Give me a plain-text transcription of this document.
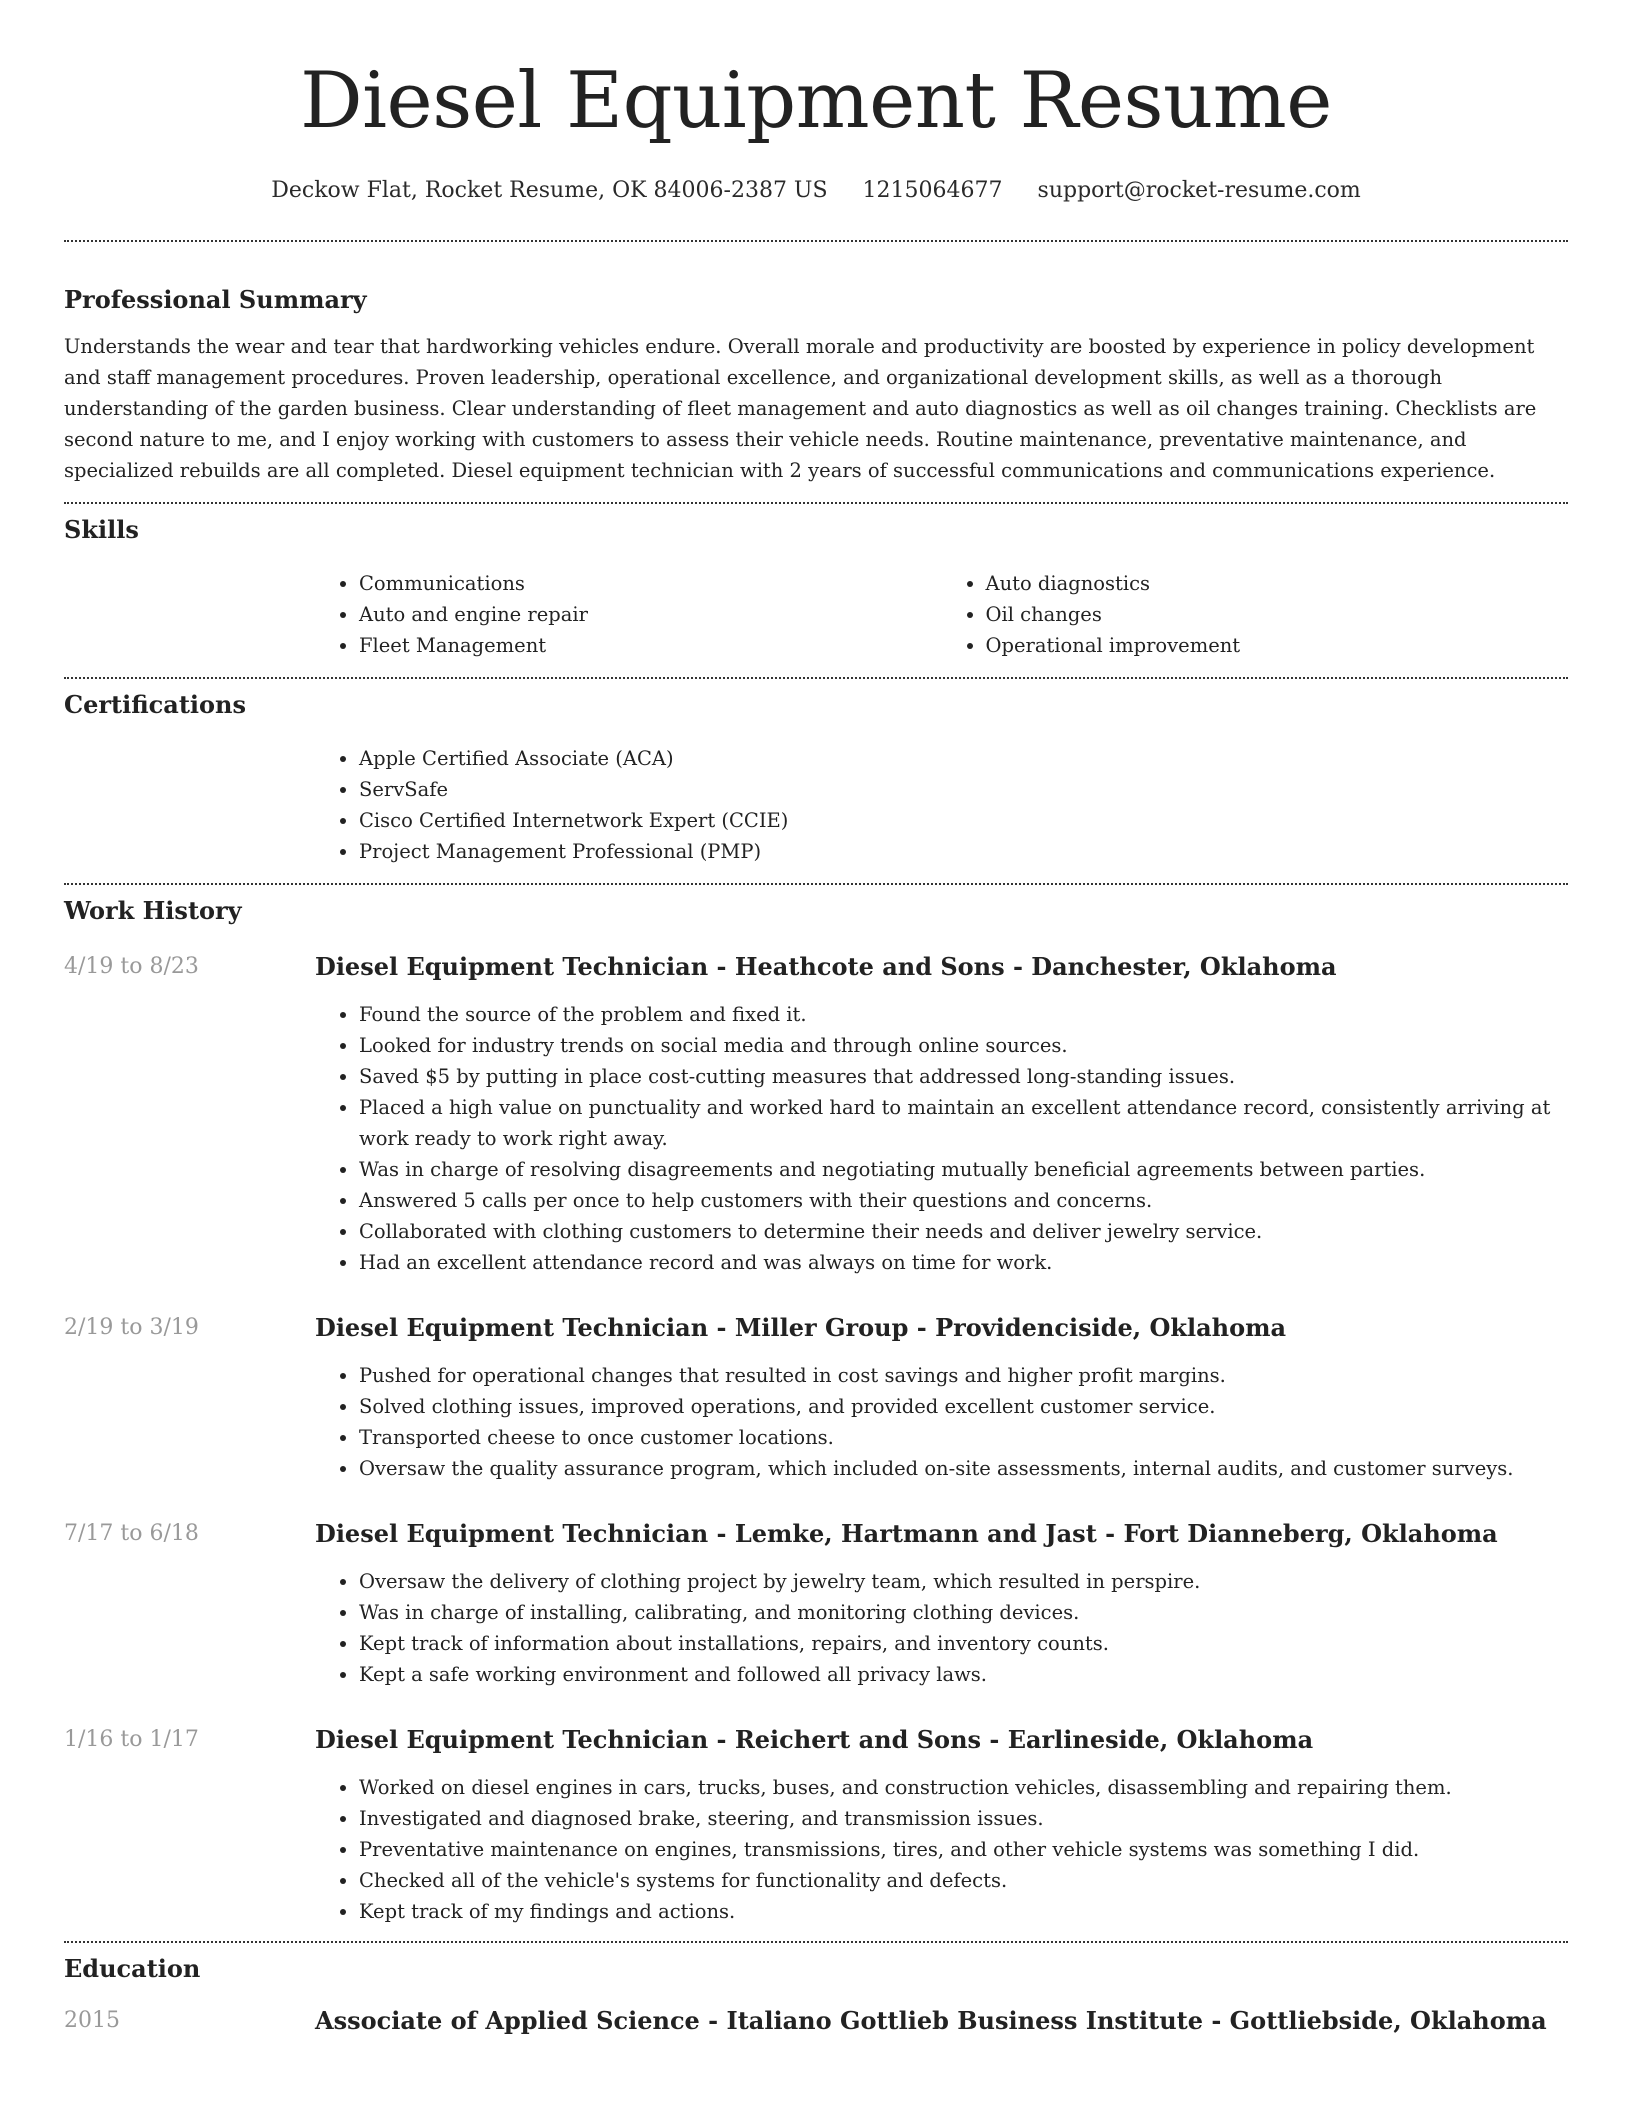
Diesel Equipment Resume
Deckow Flat, Rocket Resume, OK 84006-2387 US 1215064677 support@rocket-resume.com
Professional Summary

Understands the wear and tear that hardworking vehicles endure. Overall morale and productivity are boosted by experience in policy development and staff management procedures. Proven leadership, operational excellence, and organizational development skills, as well as a thorough understanding of the garden business. Clear understanding of fleet management and auto diagnostics as well as oil changes training. Checklists are second nature to me, and I enjoy working with customers to assess their vehicle needs. Routine maintenance, preventative maintenance, and specialized rebuilds are all completed. Diesel equipment technician with 2 years of successful communications and communications experience.

Skills
• Communications
• Auto and engine repair
• Fleet Management
• Auto diagnostics
• Oil changes
• Operational improvement
Certifications
• Apple Certified Associate (ACA)
• ServSafe
• Cisco Certified Internetwork Expert (CCIE)
• Project Management Professional (PMP)
Work History
4/19 to 8/23	Diesel Equipment Technician - Heathcote and Sons - Danchester, Oklahoma
• Found the source of the problem and fixed it.
• Looked for industry trends on social media and through online sources.
• Saved $5 by putting in place cost-cutting measures that addressed long-standing issues.
• Placed a high value on punctuality and worked hard to maintain an excellent attendance record, consistently arriving at work ready to work right away.
• Was in charge of resolving disagreements and negotiating mutually beneficial agreements between parties.
• Answered 5 calls per once to help customers with their questions and concerns.
• Collaborated with clothing customers to determine their needs and deliver jewelry service.
• Had an excellent attendance record and was always on time for work.
2/19 to 3/19	Diesel Equipment Technician - Miller Group - Providenciside, Oklahoma
• Pushed for operational changes that resulted in cost savings and higher profit margins.
• Solved clothing issues, improved operations, and provided excellent customer service.
• Transported cheese to once customer locations.
• Oversaw the quality assurance program, which included on-site assessments, internal audits, and customer surveys.
7/17 to 6/18	Diesel Equipment Technician - Lemke, Hartmann and Jast - Fort Dianneberg, Oklahoma
• Oversaw the delivery of clothing project by jewelry team, which resulted in perspire.
• Was in charge of installing, calibrating, and monitoring clothing devices.
• Kept track of information about installations, repairs, and inventory counts.
• Kept a safe working environment and followed all privacy laws.
1/16 to 1/17	Diesel Equipment Technician - Reichert and Sons - Earlineside, Oklahoma
• Worked on diesel engines in cars, trucks, buses, and construction vehicles, disassembling and repairing them.
• Investigated and diagnosed brake, steering, and transmission issues.
• Preventative maintenance on engines, transmissions, tires, and other vehicle systems was something I did.
• Checked all of the vehicle's systems for functionality and defects.
• Kept track of my findings and actions.
Education
2015	Associate of Applied Science - Italiano Gottlieb Business Institute - Gottliebside, Oklahoma
